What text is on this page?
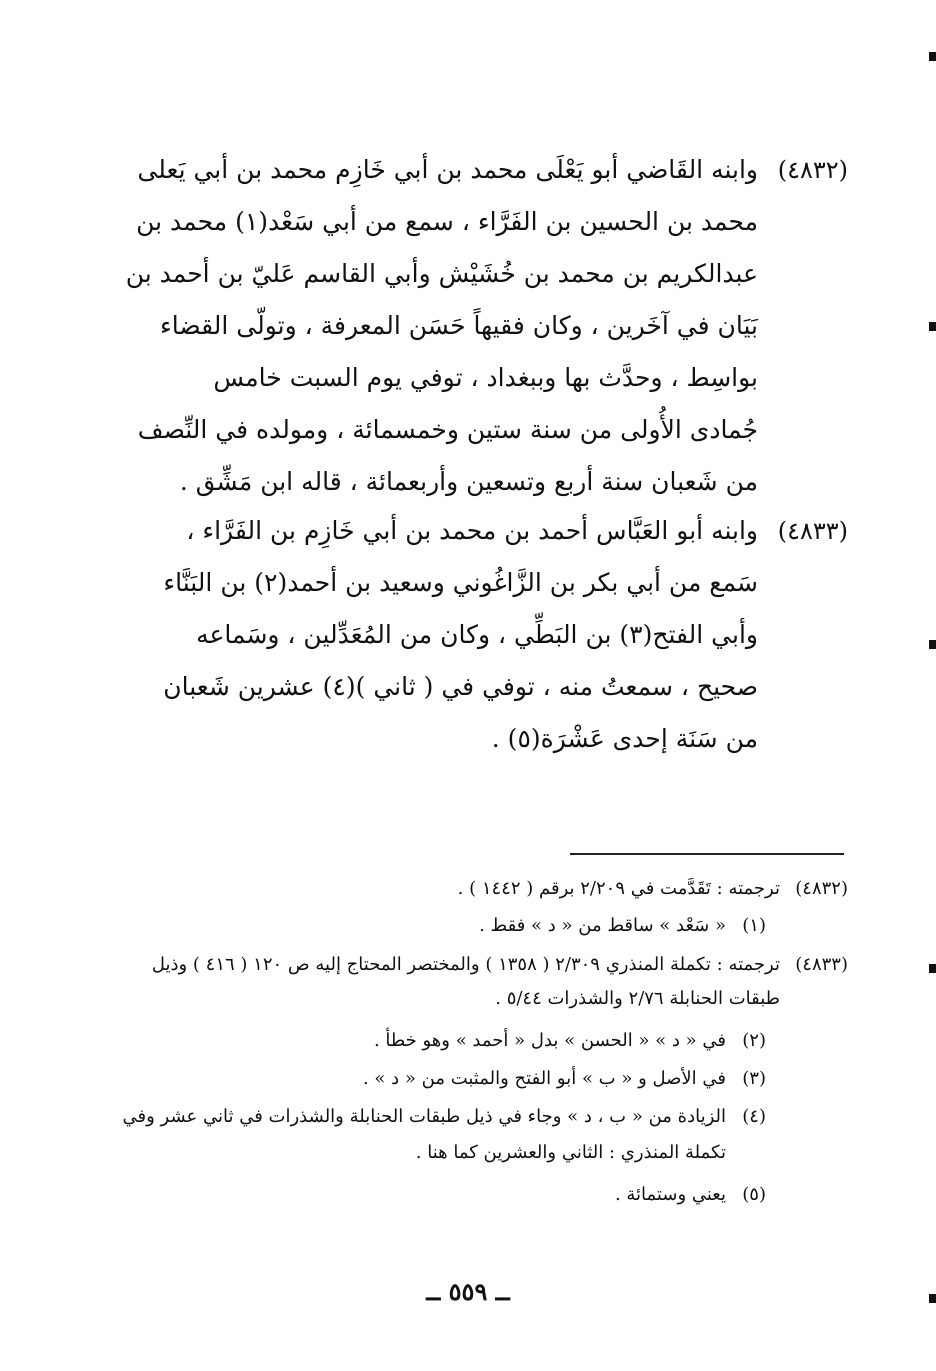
(٤٨٣٢)
وابنه القَاضي أبو يَعْلَى محمد بن أبي خَازِم محمد بن أبي يَعلى
محمد بن الحسين بن الفَرَّاء ، سمع من أبي سَعْد(١) محمد بن
عبدالكريم بن محمد بن خُشَيْش وأبي القاسم عَليّ بن أحمد بن
بَيَان في آخَرين ، وكان فقيهاً حَسَن المعرفة ، وتولّى القضاء
بواسِط ، وحدَّث بها وببغداد ، توفي يوم السبت خامس
جُمادى الأُولى من سنة ستين وخمسمائة ، ومولده في النِّصف
من شَعبان سنة أربع وتسعين وأربعمائة ، قاله ابن مَشِّق .
(٤٨٣٣)
وابنه أبو العَبَّاس أحمد بن محمد بن أبي خَازِم بن الفَرَّاء ،
سَمع من أبي بكر بن الزَّاغُوني وسعيد بن أحمد(٢) بن البَنَّاء
وأبي الفتح(٣) بن البَطِّي ، وكان من المُعَدِّلين ، وسَماعه
صحيح ، سمعتُ منه ، توفي في ( ثاني )(٤) عشرين شَعبان
من سَنَة إحدى عَشْرَة(٥) .
(٤٨٣٢)
ترجمته : تَقَدَّمت في ٢/٢٠٩ برقم ( ١٤٤٢ ) .
(١)
« سَعْد » ساقط من « د » فقط .
(٤٨٣٣)
ترجمته : تكملة المنذري ٢/٣٠٩ ( ١٣٥٨ ) والمختصر المحتاج إليه ص ١٢٠ ( ٤١٦ ) وذيل
طبقات الحنابلة ٢/٧٦ والشذرات ٥/٤٤ .
(٢)
في « د » « الحسن » بدل « أحمد » وهو خطأ .
(٣)
في الأصل و « ب » أبو الفتح والمثبت من « د » .
(٤)
الزيادة من « ب ، د » وجاء في ذيل طبقات الحنابلة والشذرات في ثاني عشر وفي
تكملة المنذري : الثاني والعشرين كما هنا .
(٥)
يعني وستمائة .
ــ ٥٥٩ ــ
